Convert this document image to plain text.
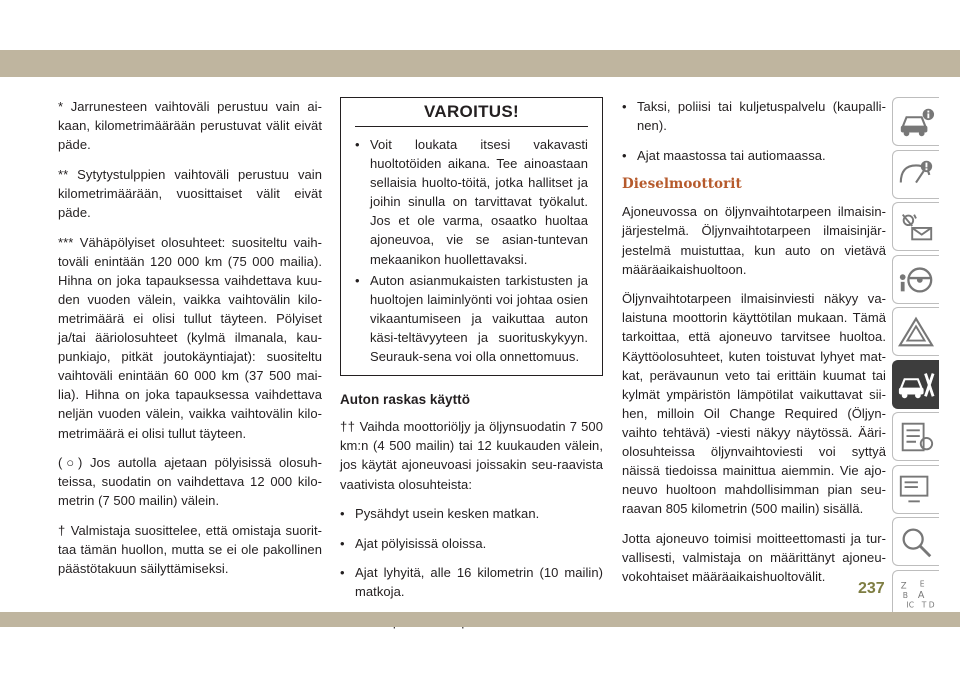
* Jarrunesteen vaihtoväli perustuu vain ai-kaan, kilometrimäärään perustuvat välit eivät päde.

** Sytytystulppien vaihtoväli perustuu vain kilometrimäärään, vuosittaiset välit eivät päde.

*** Vähäpölyiset olosuhteet: suositeltu vaih-toväli enintään 120 000 km (75 000 mailia). Hihna on joka tapauksessa vaihdettava kuu-den vuoden välein, vaikka vaihtovälin kilo-metrimäärä ei olisi tullut täyteen. Pölyiset ja/tai ääriolosuhteet (kylmä ilmanala, kau-punkiajo, pitkät joutokäyntiajat): suositeltu vaihtoväli enintään 60 000 km (37 500 mai-lia). Hihna on joka tapauksessa vaihdettava neljän vuoden välein, vaikka vaihtovälin kilo-metrimäärä ei olisi tullut täyteen.

(○) Jos autolla ajetaan pölyisissä olosuh-teissa, suodatin on vaihdettava 12 000 kilo-metrin (7 500 mailin) välein.

† Valmistaja suosittelee, että omistaja suorit-taa tämän huollon, mutta se ei ole pakollinen päästötakuun säilyttämiseksi.

VAROITUS!
• Voit loukata itsesi vakavasti huoltotöiden aikana. Tee ainoastaan sellaisia huolto-töitä, jotka hallitset ja joihin sinulla on tarvittavat työkalut. Jos et ole varma, osaatko huoltaa ajoneuvoa, vie se asian-tuntevan mekaanikon huollettavaksi.
• Auton asianmukaisten tarkistusten ja huoltojen laiminlyönti voi johtaa osien vikaantumiseen ja vaikuttaa auton käsi-teltävyyteen ja suorituskykyyn. Seurauk-sena voi olla onnettomuus.
Auton raskas käyttö

†† Vaihda moottoriöljy ja öljynsuodatin 7 500 km:n (4 500 mailin) tai 12 kuukauden välein, jos käytät ajoneuvoasi joissakin seu-raavista vaativista olosuhteista:

• Pysähdyt usein kesken matkan.

• Ajat pölyisissä oloissa.

• Ajat lyhyitä, alle 16 kilometrin (10 mailin) matkoja.

•

• Taksi, poliisi tai kuljetuspalvelu (kaupalli-nen).

• Ajat maastossa tai autiomaassa.

Dieselmoottorit

Ajoneuvossa on öljynvaihtotarpeen ilmaisin-järjestelmä. Öljynvaihtotarpeen ilmaisinjär-jestelmä muistuttaa, kun auto on vietävä määräaikaishuoltoon.

Öljynvaihtotarpeen ilmaisinviesti näkyy va-laistuna moottorin käyttötilan mukaan. Tämä tarkoittaa, että ajoneuvo tarvitsee huoltoa. Käyttöolosuhteet, kuten toistuvat lyhyet mat-kat, perävaunun veto tai erittäin kuumat tai kylmät ympäristön lämpötilat vaikuttavat sii-hen, milloin Oil Change Required (Öljyn-vaihto tehtävä) -viesti näkyy näytössä. Ääri-olosuhteissa öljynvaihtoviesti voi syttyä näissä tiedoissa mainittua aiemmin. Vie ajo-neuvo huoltoon mahdollisimman pian seu-raavan 805 kilometrin (500 mailin) sisällä.

Jotta ajoneuvo toimisi moitteettomasti ja tur-vallisesti, valmistaja on määrittänyt ajoneu-vokohtaiset määräaikaishuoltovälit.

Z E
B A
IC T D
237
